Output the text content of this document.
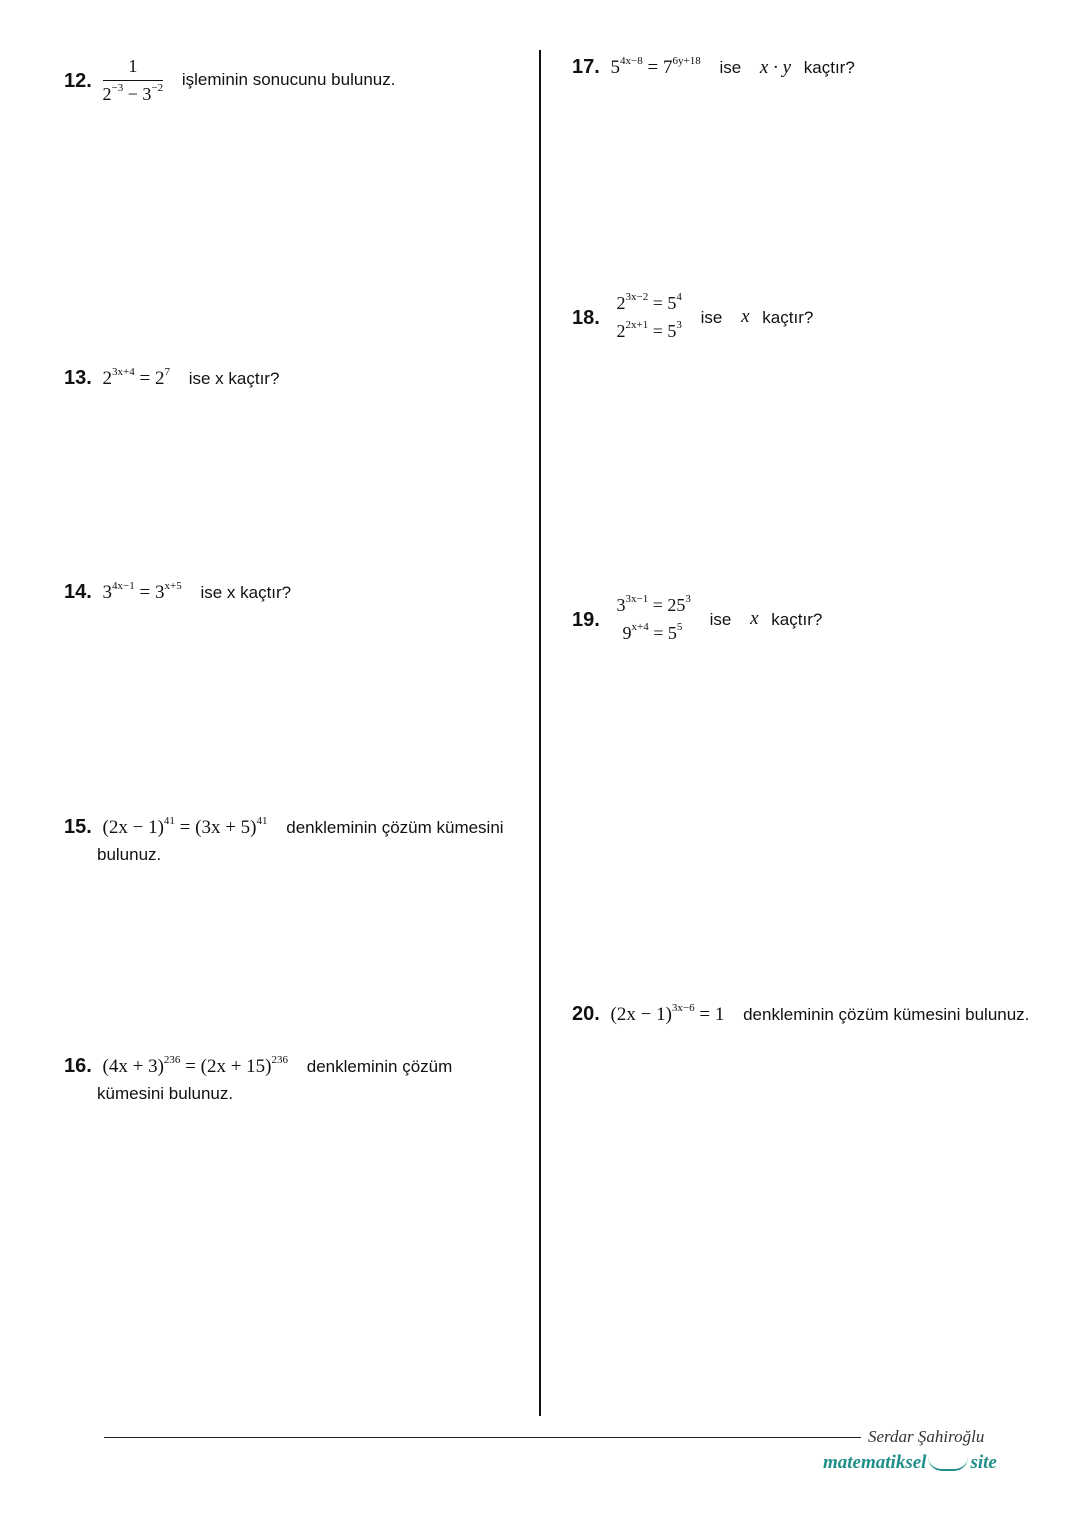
12. $\frac{1}{2^{-3} - 3^{-2}}$ işleminin sonucunu bulunuz.
13. $2^{3x+4} = 2^7$ ise x kaçtır?
14. $3^{4x-1} = 3^{x+5}$ ise x kaçtır?
15. $(2x - 1)^{41} = (3x + 5)^{41}$ denkleminin çözüm kümesini
bulunuz.
16. $(4x + 3)^{236} = (2x + 15)^{236}$ denkleminin çözüm
kümesini bulunuz.
17. $5^{4x-8} = 7^{6y+18}$ ise x · y kaçtır?
18.
$2^{3x-2} = 5^4$
$2^{2x+1} = 5^3$ ise x kaçtır?
19.
$3^{3x-1} = 25^3$
$9^{x+4} = 5^5$	ise x kaçtır?
20. $(2x - 1)^{3x-6} = 1$ denkleminin çözüm kümesini bulunuz.
Serdar Şahiroğlu
matematiksel site
